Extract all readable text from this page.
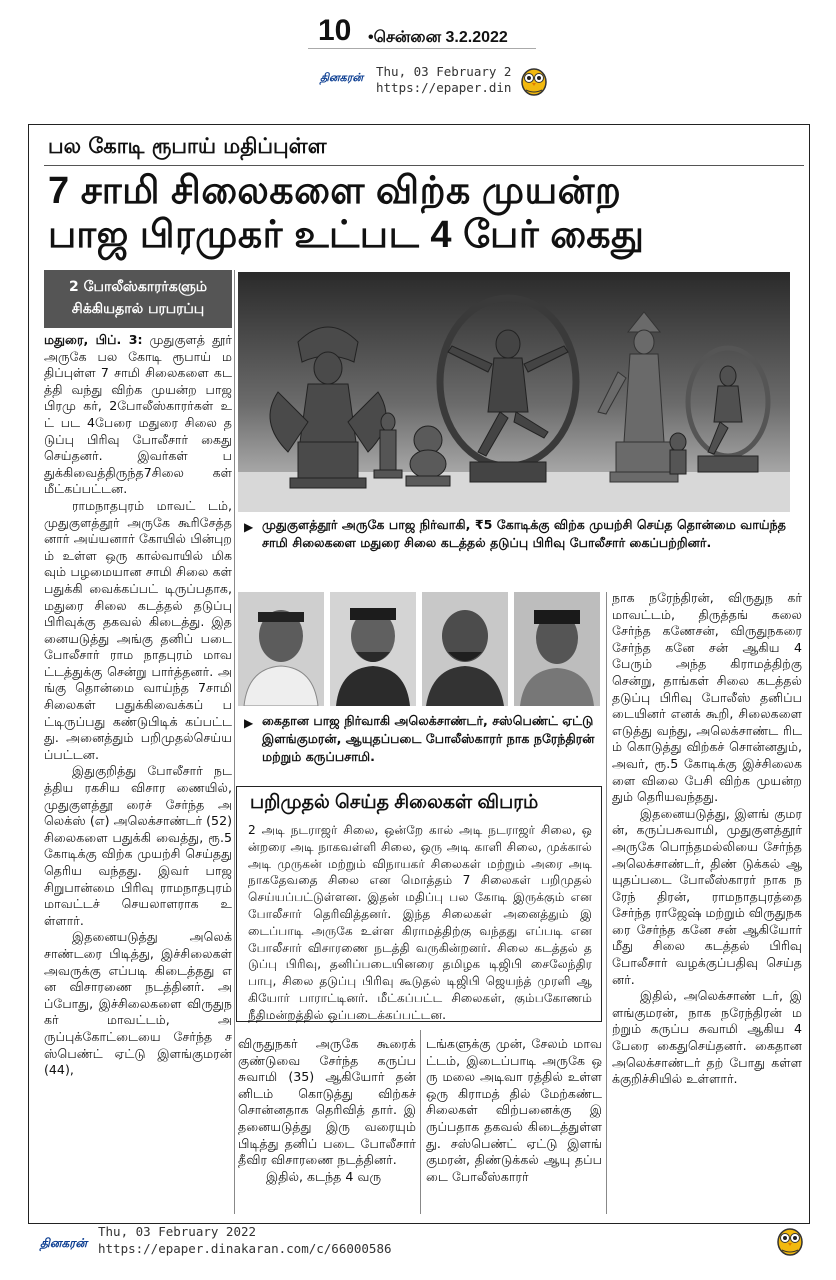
10 •சென்னை 3.2.2022
தினகரன் Thu, 03 February 2
https://epaper.din
பல கோடி ரூபாய் மதிப்புள்ள
7 சாமி சிலைகளை விற்க முயன்ற
பாஜ பிரமுகர் உட்பட 4 பேர் கைது
2 போலீஸ்காரர்களும்
சிக்கியதால் பரபரப்பு

மதுரை, பிப். 3: முதுகுளத் தூர் அருகே பல கோடி ரூபாய் மதிப்புள்ள 7 சாமி சிலைகளை கடத்தி வந்து விற்க முயன்ற பாஜ பிரமு கர், 2போலீஸ்காரர்கள் உட் பட 4பேரை மதுரை சிலை தடுப்பு பிரிவு போலீசார் கைது செய்தனர். இவர்கள் பதுக்கிவைத்திருந்த7சிலை கள் மீட்கப்பட்டன.

ராமநாதபுரம் மாவட் டம், முதுகுளத்தூர் அருகே கூரிசேத்தனார் அய்யனார் கோயில் பின்புறம் உள்ள ஒரு கால்வாயில் மிகவும் பழமையான சாமி சிலை கள் பதுக்கி வைக்கப்பட் டிருப்பதாக, மதுரை சிலை கடத்தல் தடுப்பு பிரிவுக்கு தகவல் கிடைத்து. இத னையடுத்து அங்கு தனிப் படை போலீசார் ராம நாதபுரம் மாவட்டத்துக்கு சென்று பார்த்தனர். அங்கு தொன்மை வாய்ந்த 7சாமி சிலைகள் பதுக்கிவைக்கப் பட்டிருப்பது கண்டுபிடிக் கப்பட்டது. அனைத்தும் பறிமுதல்செய்யப்பட்டன.

இதுகுறித்து போலீசார் நடத்திய ரகசிய விசார ணையில், முதுகுளத்தூ ரைச் சேர்ந்த அலெக்ஸ் (எ) அலெக்சாண்டர் (52) சிலைகளை பதுக்கி வைத்து, ரூ.5 கோடிக்கு விற்க முயற்சி செய்தது தெரிய வந்தது. இவர் பாஜ சிறுபான்மை பிரிவு ராமநாதபுரம் மாவட்டச் செயலாளராக உள்ளார்.

இதனையடுத்து அலெக் சாண்டரை பிடித்து, இச்சிலைகள் அவருக்கு எப்படி கிடைத்தது என விசாரணை நடத்தினர். அப்போது, இச்சிலைகளை விருதுநகர் மாவட்டம், அருப்புக்கோட்டையை சேர்ந்த சஸ்பெண்ட் ஏட்டு இளங்குமரன் (44),

▶ முதுகுளத்தூர் அருகே பாஜ நிர்வாகி, ₹5 கோடிக்கு விற்க முயற்சி செய்த தொன்மை வாய்ந்த சாமி சிலைகளை மதுரை சிலை கடத்தல் தடுப்பு பிரிவு போலீசார் கைப்பற்றினர்.
▶ கைதான பாஜ நிர்வாகி அலெக்சாண்டர், சஸ்பெண்ட் ஏட்டு இளங்குமரன், ஆயுதப்படை போலீஸ்காரர் நாக நரேந்திரன் மற்றும் கருப்பசாமி.
பறிமுதல் செய்த சிலைகள் விபரம்
2 அடி நடராஜர் சிலை, ஒன்றே கால் அடி நடராஜர் சிலை, ஒன்றரை அடி நாகவள்ளி சிலை, ஒரு அடி காளி சிலை, முக்கால் அடி முருகன் மற்றும் விநாயகர் சிலைகள் மற்றும் அரை அடி நாகதேவதை சிலை என மொத்தம் 7 சிலைகள் பறிமுதல் செய்யப்பட்டுள்ளன. இதன் மதிப்பு பல கோடி இருக்கும் என போலீசார் தெரிவித்தனர். இந்த சிலைகள் அனைத்தும் இடைப்பாடி அருகே உள்ள கிராமத்திற்கு வந்தது எப்படி என போலீசார் விசாரணை நடத்தி வருகின்றனர். சிலை கடத்தல் தடுப்பு பிரிவு, தனிப்படையினரை தமிழக டிஜிபி சைலேந்திரபாபு, சிலை தடுப்பு பிரிவு கூடுதல் டிஜிபி ஜெயந்த் முரளி ஆகியோர் பாராட்டினர். மீட்கப்பட்ட சிலைகள், கும்பகோணம் நீதிமன்றத்தில் ஒப்படைக்கப்பட்டன.

விருதுநகர் அருகே கூரைக் குண்டுவை சேர்ந்த கருப்ப சுவாமி (35) ஆகியோர் தன் னிடம் கொடுத்து விற்கச் சொன்னதாக தெரிவித் தார். இதனையடுத்து இரு வரையும் பிடித்து தனிப் படை போலீசார் தீவிர விசாரணை நடத்தினர்.

இதில், கடந்த 4 வரு

டங்களுக்கு முன், சேலம் மாவட்டம், இடைப்பாடி அருகே ஒரு மலை அடிவா ரத்தில் உள்ள ஒரு கிராமத் தில் மேற்கண்ட சிலைகள் விற்பனைக்கு இருப்பதாக தகவல் கிடைத்துள்ளது. சஸ்பெண்ட் ஏட்டு இளங் குமரன், திண்டுக்கல் ஆயு தப்படை போலீஸ்காரர்

நாக நரேந்திரன், விருதுந கர் மாவட்டம், திருத்தங் கலை சேர்ந்த கணேசன், விருதுநகரை சேர்ந்த கனே சன் ஆகிய 4 பேரும் அந்த கிராமத்திற்கு சென்று, தாங்கள் சிலை கடத்தல் தடுப்பு பிரிவு போலீஸ் தனிப்படையினர் எனக் கூறி, சிலைகளை எடுத்து வந்து, அலெக்சாண்ட ரிடம் கொடுத்து விற்கச் சொன்னதும், அவர், ரூ.5 கோடிக்கு இச்சிலைகளை விலை பேசி விற்க முயன்ற தும் தெரியவந்தது.

இதனையடுத்து, இளங் குமரன், கருப்பசுவாமி, முதுகுளத்தூர் அருகே பொந்தமல்லியை சேர்ந்த அலெக்சாண்டர், திண் டுக்கல் ஆயுதப்படை போலீஸ்காரர் நாக நரேந் திரன், ராமநாதபுரத்தை சேர்ந்த ராஜேஷ் மற்றும் விருதுநகரை சேர்ந்த கனே சன் ஆகியோர் மீது சிலை கடத்தல் பிரிவு போலீசார் வழக்குப்பதிவு செய்தனர்.

இதில், அலெக்சாண் டர், இளங்குமரன், நாக நரேந்திரன் மற்றும் கருப்ப சுவாமி ஆகிய 4 பேரை கைதுசெய்தனர். கைதான அலெக்சாண்டர் தற் போது கள்ளக்குறிச்சியில் உள்ளார்.

தினகரன்
Thu, 03 February 2022
https://epaper.dinakaran.com/c/66000586
